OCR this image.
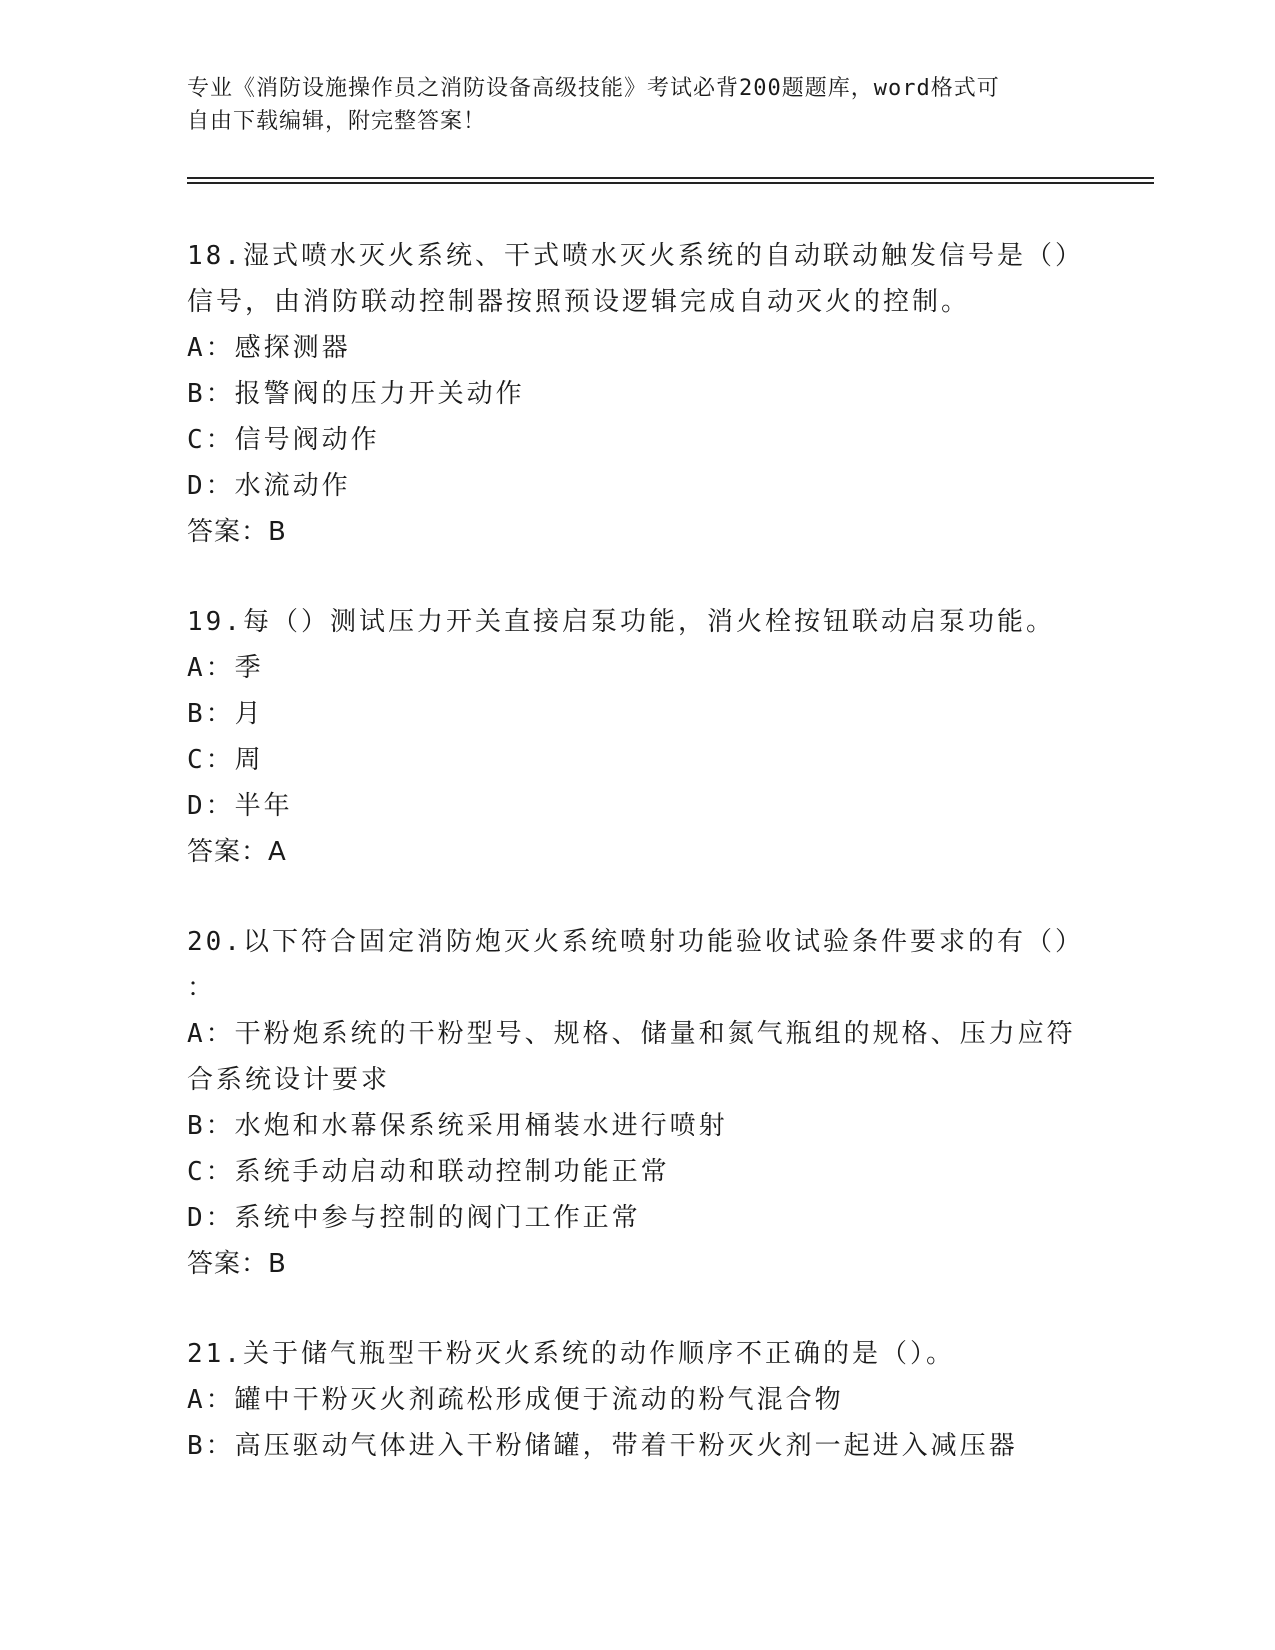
专业《消防设施操作员之消防设备高级技能》考试必背200题题库，word格式可
自由下载编辑，附完整答案！

18.湿式喷水灭火系统、干式喷水灭火系统的自动联动触发信号是（）

信号，由消防联动控制器按照预设逻辑完成自动灭火的控制。

A：感探测器

B：报警阀的压力开关动作

C：信号阀动作

D：水流动作

答案：B

19.每（）测试压力开关直接启泵功能，消火栓按钮联动启泵功能。

A：季

B：月

C：周

D：半年

答案：A

20.以下符合固定消防炮灭火系统喷射功能验收试验条件要求的有（）

：

A：干粉炮系统的干粉型号、规格、储量和氮气瓶组的规格、压力应符

合系统设计要求

B：水炮和水幕保系统采用桶装水进行喷射

C：系统手动启动和联动控制功能正常

D：系统中参与控制的阀门工作正常

答案：B

21.关于储气瓶型干粉灭火系统的动作顺序不正确的是（）。

A：罐中干粉灭火剂疏松形成便于流动的粉气混合物

B：高压驱动气体进入干粉储罐，带着干粉灭火剂一起进入减压器
